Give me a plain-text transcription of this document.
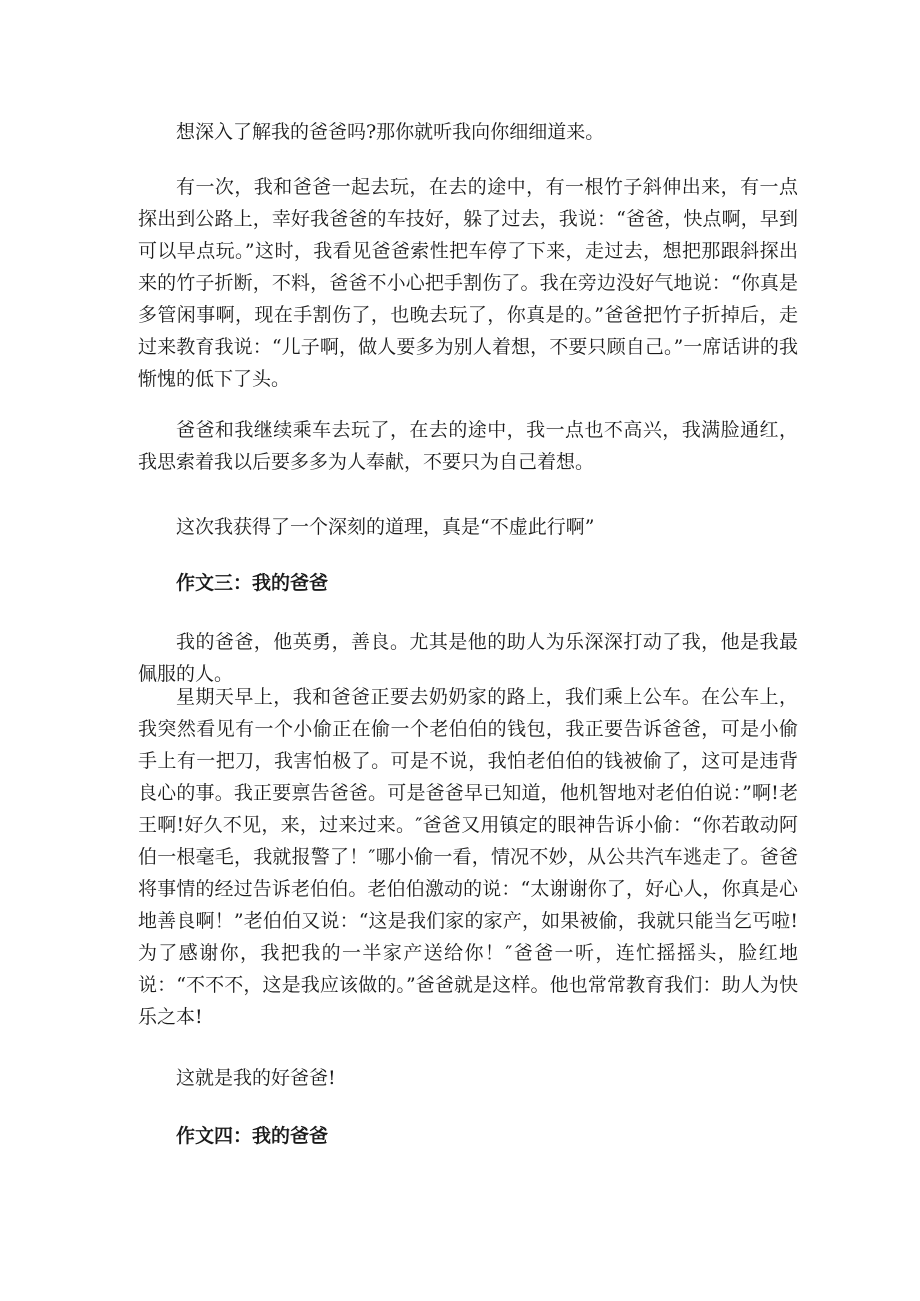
想深入了解我的爸爸吗?那你就听我向你细细道来。

有一次，我和爸爸一起去玩，在去的途中，有一根竹子斜伸出来，有一点探出到公路上，幸好我爸爸的车技好，躲了过去，我说：“爸爸，快点啊，早到可以早点玩。”这时，我看见爸爸索性把车停了下来，走过去，想把那跟斜探出来的竹子折断，不料，爸爸不小心把手割伤了。我在旁边没好气地说：“你真是多管闲事啊，现在手割伤了，也晚去玩了，你真是的。”爸爸把竹子折掉后，走过来教育我说：“儿子啊，做人要多为别人着想，不要只顾自己。”一席话讲的我惭愧的低下了头。

爸爸和我继续乘车去玩了，在去的途中，我一点也不高兴，我满脸通红，我思索着我以后要多多为人奉献，不要只为自己着想。

这次我获得了一个深刻的道理，真是“不虚此行啊”

作文三：我的爸爸

我的爸爸，他英勇，善良。尤其是他的助人为乐深深打动了我，他是我最佩服的人。

星期天早上，我和爸爸正要去奶奶家的路上，我们乘上公车。在公车上，我突然看见有一个小偷正在偷一个老伯伯的钱包，我正要告诉爸爸，可是小偷手上有一把刀，我害怕极了。可是不说，我怕老伯伯的钱被偷了，这可是违背良心的事。我正要禀告爸爸。可是爸爸早已知道，他机智地对老伯伯说：”啊!老王啊!好久不见，来，过来过来。″爸爸又用镇定的眼神告诉小偷：“你若敢动阿伯一根毫毛，我就报警了！″哪小偷一看，情况不妙，从公共汽车逃走了。爸爸将事情的经过告诉老伯伯。老伯伯激动的说：“太谢谢你了，好心人，你真是心地善良啊！”老伯伯又说：“这是我们家的家产，如果被偷，我就只能当乞丐啦!为了感谢你，我把我的一半家产送给你！″爸爸一听，连忙摇摇头，脸红地说：“不不不，这是我应该做的。”爸爸就是这样。他也常常教育我们：助人为快乐之本!

这就是我的好爸爸!

作文四：我的爸爸
